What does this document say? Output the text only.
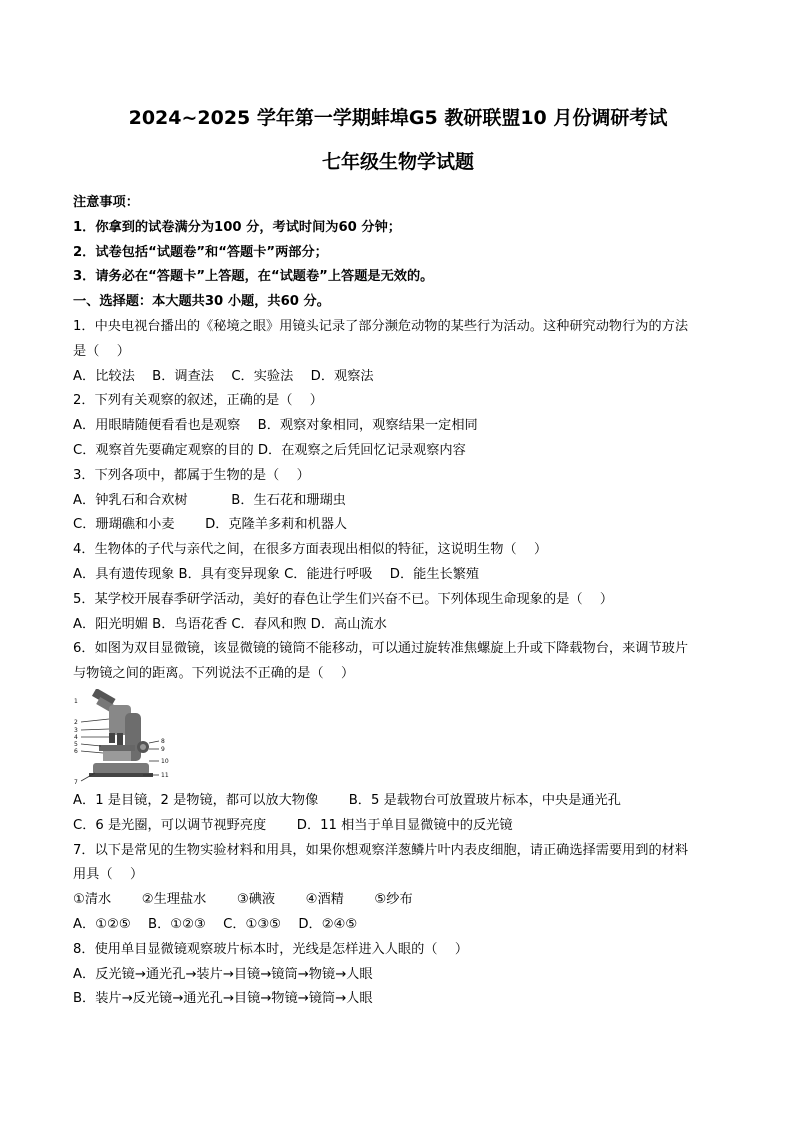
2024~2025 学年第一学期蚌埠G5 教研联盟10 月份调研考试

七年级生物学试题

注意事项：

1．你拿到的试卷满分为100 分，考试时间为60 分钟；

2．试卷包括“试题卷”和“答题卡”两部分；

3．请务必在“答题卡”上答题，在“试题卷”上答题是无效的。

一、选择题：本大题共30 小题，共60 分。

1．中央电视台播出的《秘境之眼》用镜头记录了部分濒危动物的某些行为活动。这种研究动物行为的方法

是（　 ）

A．比较法　 B．调查法　 C．实验法　 D．观察法

2．下列有关观察的叙述，正确的是（　 ）

A．用眼睛随便看看也是观察　 B．观察对象相同，观察结果一定相同

C．观察首先要确定观察的目的 D．在观察之后凭回忆记录观察内容

3．下列各项中，都属于生物的是（　 ）

A．钟乳石和合欢树　　　 B．生石花和珊瑚虫

C．珊瑚礁和小麦　　 D．克隆羊多莉和机器人

4．生物体的子代与亲代之间，在很多方面表现出相似的特征，这说明生物（　 ）

A．具有遗传现象 B．具有变异现象 C．能进行呼吸　 D．能生长繁殖

5．某学校开展春季研学活动，美好的春色让学生们兴奋不已。下列体现生命现象的是（　 ）

A．阳光明媚 B．鸟语花香 C．春风和煦 D．高山流水

6．如图为双目显微镜，该显微镜的镜筒不能移动，可以通过旋转准焦螺旋上升或下降载物台，来调节玻片

与物镜之间的距离。下列说法不正确的是（　 ）

2
3
4
5
6
7
1
8
9
10
11

A．1 是目镜，2 是物镜，都可以放大物像　　 B．5 是载物台可放置玻片标本，中央是通光孔

C．6 是光圈，可以调节视野亮度　　 D．11 相当于单目显微镜中的反光镜

7．以下是常见的生物实验材料和用具，如果你想观察洋葱鳞片叶内表皮细胞，请正确选择需要用到的材料

用具（　 ）

①清水　　 ②生理盐水　　 ③碘液　　 ④酒精　　 ⑤纱布

A．①②⑤　 B．①②③　 C．①③⑤　 D．②④⑤

8．使用单目显微镜观察玻片标本时，光线是怎样进入人眼的（　 ）

A．反光镜→通光孔→装片→目镜→镜筒→物镜→人眼

B．装片→反光镜→通光孔→目镜→物镜→镜筒→人眼
